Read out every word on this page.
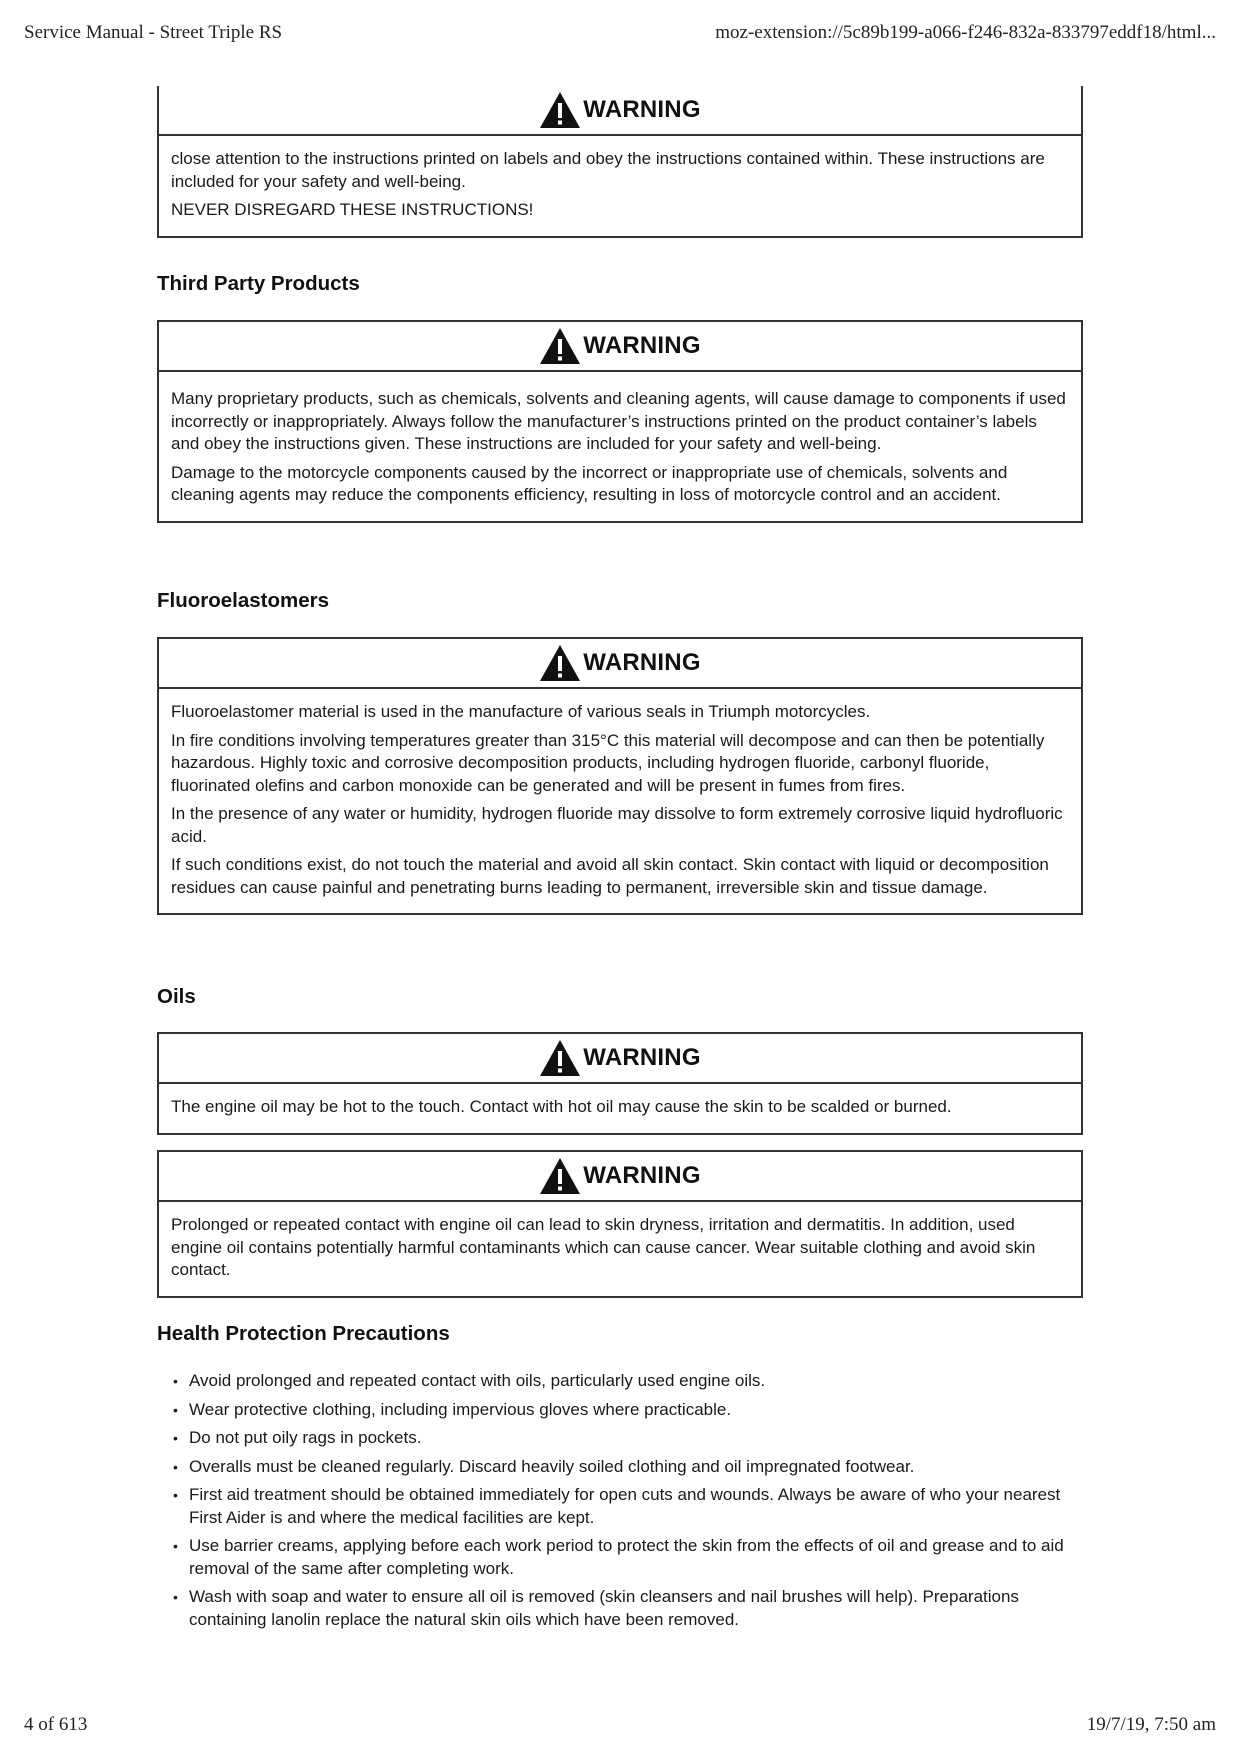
Service Manual - Street Triple RS	moz-extension://5c89b199-a066-f246-832a-833797eddf18/html...
WARNING

close attention to the instructions printed on labels and obey the instructions contained within. These instructions are included for your safety and well-being.

NEVER DISREGARD THESE INSTRUCTIONS!

Third Party Products
WARNING

Many proprietary products, such as chemicals, solvents and cleaning agents, will cause damage to components if used incorrectly or inappropriately. Always follow the manufacturer’s instructions printed on the product container’s labels and obey the instructions given. These instructions are included for your safety and well-being.

Damage to the motorcycle components caused by the incorrect or inappropriate use of chemicals, solvents and cleaning agents may reduce the components efficiency, resulting in loss of motorcycle control and an accident.

Fluoroelastomers
WARNING

Fluoroelastomer material is used in the manufacture of various seals in Triumph motorcycles.

In fire conditions involving temperatures greater than 315°C this material will decompose and can then be potentially hazardous. Highly toxic and corrosive decomposition products, including hydrogen fluoride, carbonyl fluoride, fluorinated olefins and carbon monoxide can be generated and will be present in fumes from fires.

In the presence of any water or humidity, hydrogen fluoride may dissolve to form extremely corrosive liquid hydrofluoric acid.

If such conditions exist, do not touch the material and avoid all skin contact. Skin contact with liquid or decomposition residues can cause painful and penetrating burns leading to permanent, irreversible skin and tissue damage.

Oils
WARNING

The engine oil may be hot to the touch. Contact with hot oil may cause the skin to be scalded or burned.

WARNING

Prolonged or repeated contact with engine oil can lead to skin dryness, irritation and dermatitis. In addition, used engine oil contains potentially harmful contaminants which can cause cancer. Wear suitable clothing and avoid skin contact.

Health Protection Precautions
• Avoid prolonged and repeated contact with oils, particularly used engine oils.
• Wear protective clothing, including impervious gloves where practicable.
• Do not put oily rags in pockets.
• Overalls must be cleaned regularly. Discard heavily soiled clothing and oil impregnated footwear.
• First aid treatment should be obtained immediately for open cuts and wounds. Always be aware of who your nearest First Aider is and where the medical facilities are kept.
• Use barrier creams, applying before each work period to protect the skin from the effects of oil and grease and to aid removal of the same after completing work.
• Wash with soap and water to ensure all oil is removed (skin cleansers and nail brushes will help). Preparations containing lanolin replace the natural skin oils which have been removed.
4 of 613	19/7/19, 7:50 am
